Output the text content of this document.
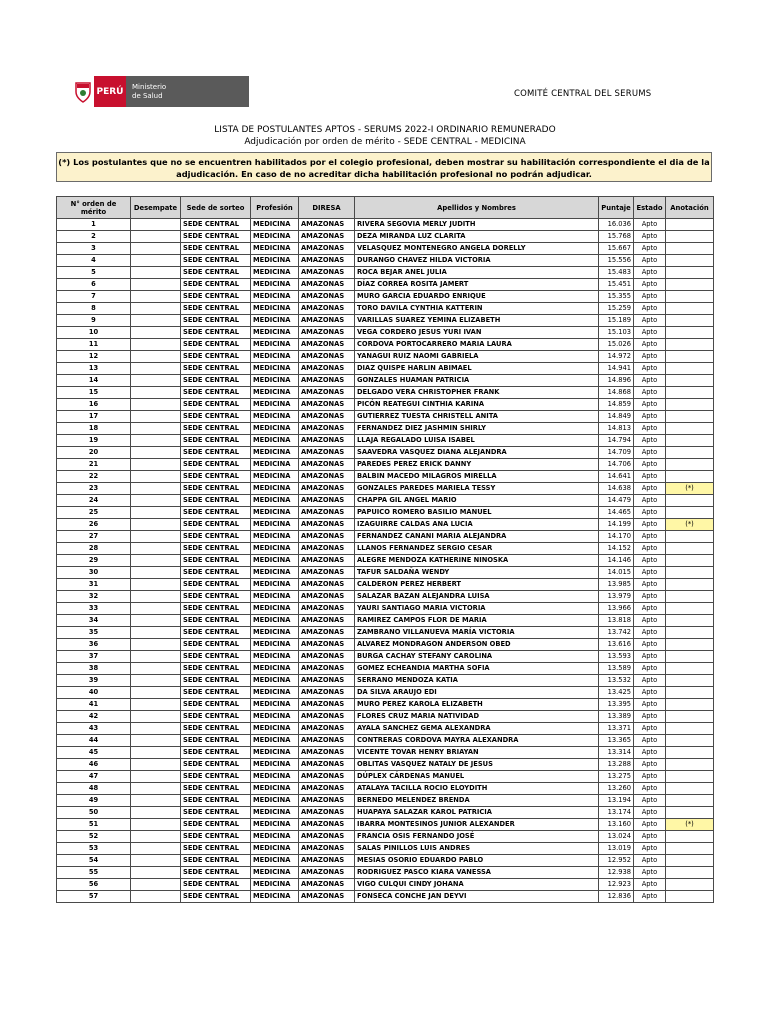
PERÚ	Ministerio
de Salud	COMITÉ CENTRAL DEL SERUMS
LISTA DE POSTULANTES APTOS - SERUMS 2022-I ORDINARIO REMUNERADO
Adjudicación por orden de mérito - SEDE CENTRAL - MEDICINA
(*) Los postulantes que no se encuentren habilitados por el colegio profesional, deben mostrar su habilitación correspondiente el dia de la adjudicación. En caso de no acreditar dicha habilitación profesional no podrán adjudicar.
N° orden de mérito	Desempate	Sede de sorteo	Profesión	DIRESA	Apellidos y Nombres	Puntaje	Estado	Anotación
1		SEDE CENTRAL	MEDICINA	AMAZONAS	RIVERA SEGOVIA MERLY JUDITH	16.036	Apto	
2		SEDE CENTRAL	MEDICINA	AMAZONAS	DEZA MIRANDA LUZ CLARITA	15.768	Apto	
3		SEDE CENTRAL	MEDICINA	AMAZONAS	VELASQUEZ MONTENEGRO ANGELA DORELLY	15.667	Apto	
4		SEDE CENTRAL	MEDICINA	AMAZONAS	DURANGO CHAVEZ HILDA VICTORIA	15.556	Apto	
5		SEDE CENTRAL	MEDICINA	AMAZONAS	ROCA BEJAR ANEL JULIA	15.483	Apto	
6		SEDE CENTRAL	MEDICINA	AMAZONAS	DÍAZ CORREA ROSITA JAMERT	15.451	Apto	
7		SEDE CENTRAL	MEDICINA	AMAZONAS	MURO GARCIA EDUARDO ENRIQUE	15.355	Apto	
8		SEDE CENTRAL	MEDICINA	AMAZONAS	TORO DAVILA CYNTHIA KATTERIN	15.259	Apto	
9		SEDE CENTRAL	MEDICINA	AMAZONAS	VARILLAS SUAREZ YEMINA ELIZABETH	15.189	Apto	
10		SEDE CENTRAL	MEDICINA	AMAZONAS	VEGA CORDERO JESUS YURI IVAN	15.103	Apto	
11		SEDE CENTRAL	MEDICINA	AMAZONAS	CORDOVA PORTOCARRERO MARIA LAURA	15.026	Apto	
12		SEDE CENTRAL	MEDICINA	AMAZONAS	YANAGUI RUIZ NAOMI GABRIELA	14.972	Apto	
13		SEDE CENTRAL	MEDICINA	AMAZONAS	DIAZ QUISPE HARLIN ABIMAEL	14.941	Apto	
14		SEDE CENTRAL	MEDICINA	AMAZONAS	GONZALES HUAMAN PATRICIA	14.896	Apto	
15		SEDE CENTRAL	MEDICINA	AMAZONAS	DELGADO VERA CHRISTOPHER FRANK	14.868	Apto	
16		SEDE CENTRAL	MEDICINA	AMAZONAS	PICÓN REATEGUI CINTHIA KARINA	14.859	Apto	
17		SEDE CENTRAL	MEDICINA	AMAZONAS	GUTIERREZ TUESTA CHRISTELL ANITA	14.849	Apto	
18		SEDE CENTRAL	MEDICINA	AMAZONAS	FERNANDEZ DIEZ JASHMIN SHIRLY	14.813	Apto	
19		SEDE CENTRAL	MEDICINA	AMAZONAS	LLAJA REGALADO LUISA ISABEL	14.794	Apto	
20		SEDE CENTRAL	MEDICINA	AMAZONAS	SAAVEDRA VASQUEZ DIANA ALEJANDRA	14.709	Apto	
21		SEDE CENTRAL	MEDICINA	AMAZONAS	PAREDES PEREZ ERICK DANNY	14.706	Apto	
22		SEDE CENTRAL	MEDICINA	AMAZONAS	BALBIN MACEDO MILAGROS MIRELLA	14.641	Apto	
23		SEDE CENTRAL	MEDICINA	AMAZONAS	GONZALES PAREDES MARIELA TESSY	14.638	Apto	(*)
24		SEDE CENTRAL	MEDICINA	AMAZONAS	CHAPPA GIL ANGEL MARIO	14.479	Apto	
25		SEDE CENTRAL	MEDICINA	AMAZONAS	PAPUICO ROMERO BASILIO MANUEL	14.465	Apto	
26		SEDE CENTRAL	MEDICINA	AMAZONAS	IZAGUIRRE CALDAS ANA LUCIA	14.199	Apto	(*)
27		SEDE CENTRAL	MEDICINA	AMAZONAS	FERNANDEZ CANANI MARIA ALEJANDRA	14.170	Apto	
28		SEDE CENTRAL	MEDICINA	AMAZONAS	LLANOS FERNANDEZ SERGIO CESAR	14.152	Apto	
29		SEDE CENTRAL	MEDICINA	AMAZONAS	ALEGRE MENDOZA KATHERINE NINOSKA	14.146	Apto	
30		SEDE CENTRAL	MEDICINA	AMAZONAS	TAFUR SALDAÑA WENDY	14.015	Apto	
31		SEDE CENTRAL	MEDICINA	AMAZONAS	CALDERON PEREZ HERBERT	13.985	Apto	
32		SEDE CENTRAL	MEDICINA	AMAZONAS	SALAZAR BAZAN ALEJANDRA LUISA	13.979	Apto	
33		SEDE CENTRAL	MEDICINA	AMAZONAS	YAURI SANTIAGO MARIA VICTORIA	13.966	Apto	
34		SEDE CENTRAL	MEDICINA	AMAZONAS	RAMIREZ CAMPOS FLOR DE MARIA	13.818	Apto	
35		SEDE CENTRAL	MEDICINA	AMAZONAS	ZAMBRANO VILLANUEVA MARÍA VICTORIA	13.742	Apto	
36		SEDE CENTRAL	MEDICINA	AMAZONAS	ALVAREZ MONDRAGON ANDERSON OBED	13.616	Apto	
37		SEDE CENTRAL	MEDICINA	AMAZONAS	BURGA CACHAY STEFANY CAROLINA	13.593	Apto	
38		SEDE CENTRAL	MEDICINA	AMAZONAS	GOMEZ ECHEANDIA MARTHA SOFIA	13.589	Apto	
39		SEDE CENTRAL	MEDICINA	AMAZONAS	SERRANO MENDOZA KATIA	13.532	Apto	
40		SEDE CENTRAL	MEDICINA	AMAZONAS	DA SILVA ARAUJO EDI	13.425	Apto	
41		SEDE CENTRAL	MEDICINA	AMAZONAS	MURO PEREZ KAROLA ELIZABETH	13.395	Apto	
42		SEDE CENTRAL	MEDICINA	AMAZONAS	FLORES CRUZ MARIA NATIVIDAD	13.389	Apto	
43		SEDE CENTRAL	MEDICINA	AMAZONAS	AYALA SANCHEZ GEMA ALEXANDRA	13.371	Apto	
44		SEDE CENTRAL	MEDICINA	AMAZONAS	CONTRERAS CORDOVA MAYRA ALEXANDRA	13.365	Apto	
45		SEDE CENTRAL	MEDICINA	AMAZONAS	VICENTE TOVAR HENRY BRIAYAN	13.314	Apto	
46		SEDE CENTRAL	MEDICINA	AMAZONAS	OBLITAS VASQUEZ NATALY DE JESUS	13.288	Apto	
47		SEDE CENTRAL	MEDICINA	AMAZONAS	DÚPLEX CÁRDENAS MANUEL	13.275	Apto	
48		SEDE CENTRAL	MEDICINA	AMAZONAS	ATALAYA TACILLA ROCIO ELOYDITH	13.260	Apto	
49		SEDE CENTRAL	MEDICINA	AMAZONAS	BERNEDO MELENDEZ BRENDA	13.194	Apto	
50		SEDE CENTRAL	MEDICINA	AMAZONAS	HUAPAYA SALAZAR KAROL PATRICIA	13.174	Apto	
51		SEDE CENTRAL	MEDICINA	AMAZONAS	IBARRA MONTESINOS JUNIOR ALEXANDER	13.160	Apto	(*)
52		SEDE CENTRAL	MEDICINA	AMAZONAS	FRANCIA OSIS FERNANDO JOSÉ	13.024	Apto	
53		SEDE CENTRAL	MEDICINA	AMAZONAS	SALAS PINILLOS LUIS ANDRES	13.019	Apto	
54		SEDE CENTRAL	MEDICINA	AMAZONAS	MESIAS OSORIO EDUARDO PABLO	12.952	Apto	
55		SEDE CENTRAL	MEDICINA	AMAZONAS	RODRIGUEZ PASCO KIARA VANESSA	12.938	Apto	
56		SEDE CENTRAL	MEDICINA	AMAZONAS	VIGO CULQUI CINDY JOHANA	12.923	Apto	
57		SEDE CENTRAL	MEDICINA	AMAZONAS	FONSECA CONCHE JAN DEYVI	12.836	Apto	
